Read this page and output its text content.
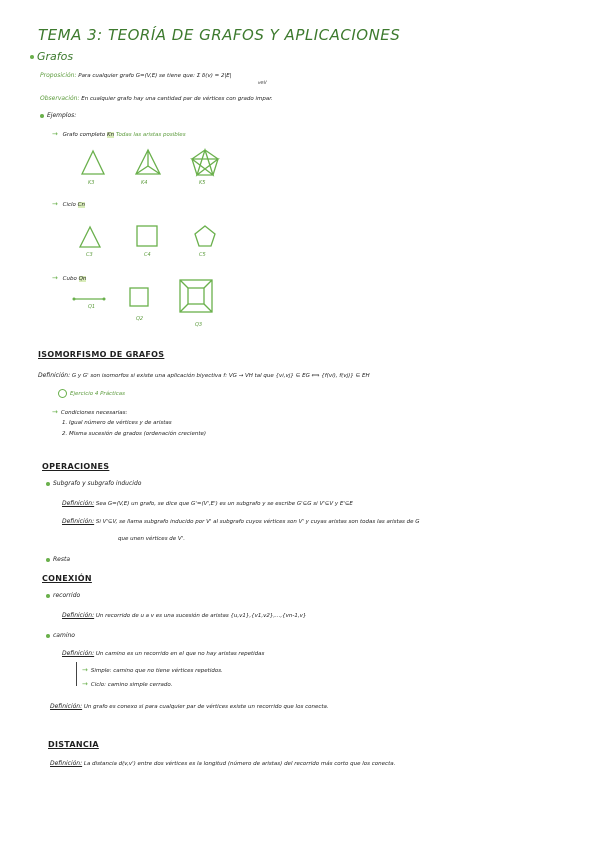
TEMA 3: TEORÍA DE GRAFOS Y APLICACIONES
Grafos
Proposición: Para cualquier grafo G=(V,E) se tiene que: Σ δ(v) = 2|E|
v∈V
Observación: En cualquier grafo hay una cantidad par de vértices con grado impar.
Ejemplos:
→ Grafo completo Kn Todas las aristas posibles
K3	K4	K5
→ Ciclo Cn
C3	C4	C5
→ Cubo Qn
Q1
Q2
Q3
ISOMORFISMO DE GRAFOS
Definición: G y G' son isomorfos si existe una aplicación biyectiva f: VG → VH tal que {vi,vj} ∈ EG ⟺ {f(vi), f(vj)} ∈ EH
Ejercicio 4 Prácticas
→ Condiciones necesarias:
1. Igual número de vértices y de aristas
2. Misma sucesión de grados (ordenación creciente)
OPERACIONES
Subgrafo y subgrafo inducido
Definición: Sea G=(V,E) un grafo, se dice que G'=(V',E') es un subgrafo y se escribe G'⊆G si V'⊆V y E'⊆E
Definición: Si V'⊆V, se llama subgrafo inducido por V' al subgrafo cuyos vértices son V' y cuyas aristas son todas las aristas de G
que unen vértices de V'.
Resta
CONEXIÓN
recorrido
Definición: Un recorrido de u a v es una sucesión de aristas {u,v1},{v1,v2},...,{vn-1,v}
camino
Definición: Un camino es un recorrido en el que no hay aristas repetidas
→ Simple: camino que no tiene vértices repetidos.
→ Ciclo: camino simple cerrado.
Definición: Un grafo es conexo si para cualquier par de vértices existe un recorrido que los conecta.
DISTANCIA
Definición: La distancia d(v,v') entre dos vértices es la longitud (número de aristas) del recorrido más corto que los conecta.
